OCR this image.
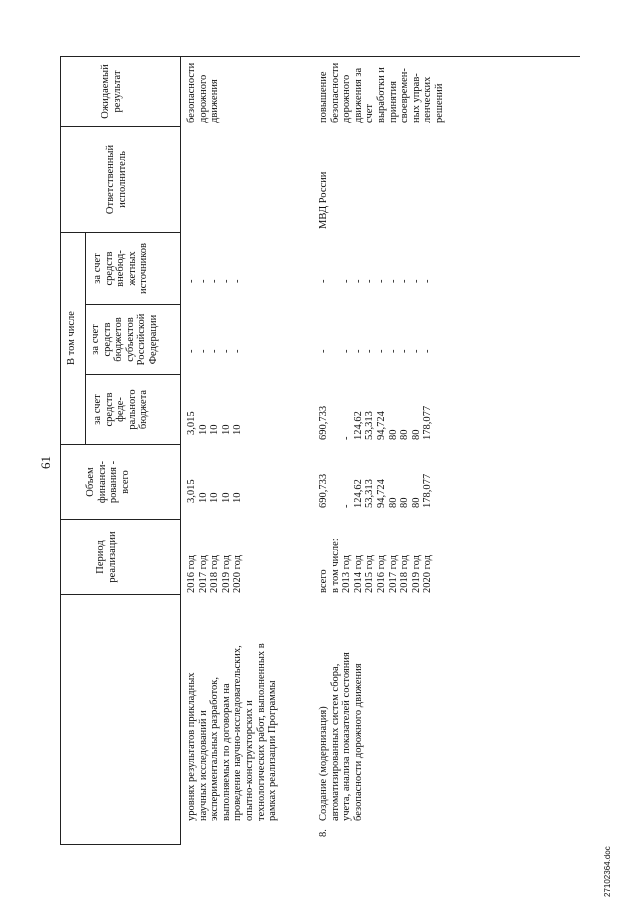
61
27102364.doc
Период
реализации
Объем
финанси-
рования -
всего
В том числе
за счет
средств
феде-
рального
бюджета
за счет
средств
бюджетов
субъектов
Российской
Федерации
за счет
средств
внебюд-
жетных
источников
Ответственный
исполнитель
Ожидаемый
результат
уровнях результатов прикладных
научных исследований и
экспериментальных разработок,
выполняемых по договорам на
проведение научно-исследовательских,
опытно-конструкторских и
технологических работ, выполненных в
рамках реализации Программы
2016 год
2017 год
2018 год
2019 год
2020 год
3,015
10
10
10
10
3,015
10
10
10
10
-
-
-
-
-
-
-
-
-
-
безопасности
дорожного
движения
8.
Создание (модернизация)
автоматизированных систем сбора,
учета, анализа показателей состояния
безопасности дорожного движения
всего
в том числе:
2013 год
2014 год
2015 год
2016 год
2017 год
2018 год
2019 год
2020 год
690,733

-
124,62
53,313
94,724
80
80
80
178,077
690,733

-
124,62
53,313
94,724
80
80
80
178,077
-

-
-
-
-
-
-
-
-
-

-
-
-
-
-
-
-
-
МВД России
повышение
безопасности
дорожного
движения за
счет
выработки и
принятия
своевремен-
ных управ-
ленческих
решений
